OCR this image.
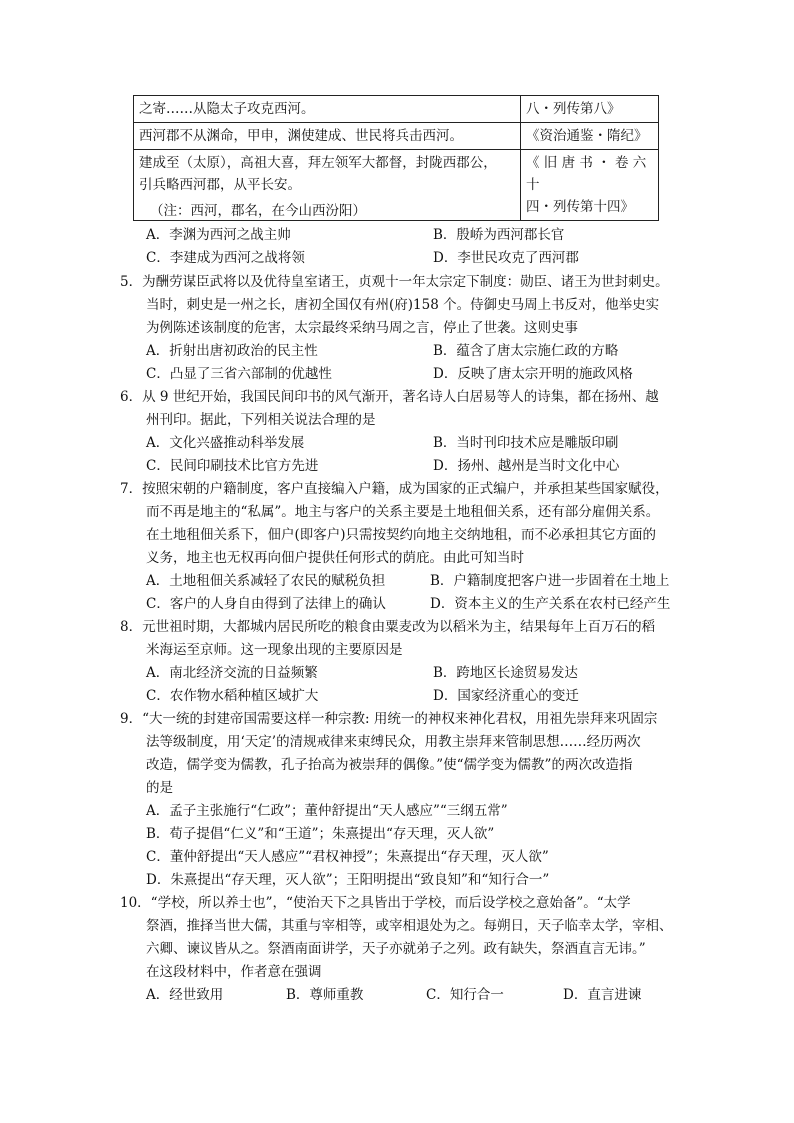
之寄……从隐太子攻克西河。	八・列传第八》
西河郡不从渊命，甲申，渊使建成、世民将兵击西河。	《资治通鉴・隋纪》
建成至（太原），高祖大喜，拜左领军大都督，封陇西郡公，
引兵略西河郡，从平长安。	《 旧 唐 书 ・ 卷 六 十
四・列传第十四》
（注：西河，郡名，在今山西汾阳）
A．李渊为西河之战主帅	B．殷峤为西河郡长官
C．李建成为西河之战将领	D．李世民攻克了西河郡
5．为酬劳谋臣武将以及优待皇室诸王，贞观十一年太宗定下制度：勋臣、诸王为世封刺史。
当时，刺史是一州之长，唐初全国仅有州(府)158 个。侍御史马周上书反对，他举史实
为例陈述该制度的危害，太宗最终采纳马周之言，停止了世袭。这则史事
A．折射出唐初政治的民主性	B．蕴含了唐太宗施仁政的方略
C．凸显了三省六部制的优越性	D．反映了唐太宗开明的施政风格
6．从 9 世纪开始，我国民间印书的风气渐开，著名诗人白居易等人的诗集，都在扬州、越
州刊印。据此，下列相关说法合理的是
A．文化兴盛推动科举发展	B．当时刊印技术应是雕版印刷
C．民间印刷技术比官方先进	D．扬州、越州是当时文化中心
7．按照宋朝的户籍制度，客户直接编入户籍，成为国家的正式编户，并承担某些国家赋役，
而不再是地主的“私属”。地主与客户的关系主要是土地租佃关系，还有部分雇佣关系。
在土地租佃关系下，佃户(即客户)只需按契约向地主交纳地租，而不必承担其它方面的
义务，地主也无权再向佃户提供任何形式的荫庇。由此可知当时
A．土地租佃关系减轻了农民的赋税负担	B．户籍制度把客户进一步固着在土地上
C．客户的人身自由得到了法律上的确认	D．资本主义的生产关系在农村已经产生
8．元世祖时期，大都城内居民所吃的粮食由粟麦改为以稻米为主，结果每年上百万石的稻
米海运至京师。这一现象出现的主要原因是
A．南北经济交流的日益频繁	B．跨地区长途贸易发达
C．农作物水稻种植区域扩大	D．国家经济重心的变迁
9．“大一统的封建帝国需要这样一种宗教: 用统一的神权来神化君权，用祖先崇拜来巩固宗
法等级制度，用‘天定’的清规戒律来束缚民众，用教主崇拜来管制思想……经历两次
改造，儒学变为儒教，孔子抬高为被崇拜的偶像。”使“儒学变为儒教”的两次改造指
的是
A．孟子主张施行“仁政”；董仲舒提出“天人感应”“三纲五常”
B．荀子提倡“仁义”和“王道”；朱熹提出“存天理，灭人欲”
C．董仲舒提出“天人感应”“君权神授”；朱熹提出“存天理，灭人欲”
D．朱熹提出“存天理，灭人欲”；王阳明提出“致良知”和“知行合一”
10．“学校，所以养士也”，“使治天下之具皆出于学校，而后设学校之意始备”。“太学
祭酒，推择当世大儒，其重与宰相等，或宰相退处为之。每朔日，天子临幸太学，宰相、
六卿、谏议皆从之。祭酒南面讲学，天子亦就弟子之列。政有缺失，祭酒直言无讳。”
在这段材料中，作者意在强调
A．经世致用	B．尊师重教	C．知行合一	D．直言进谏
